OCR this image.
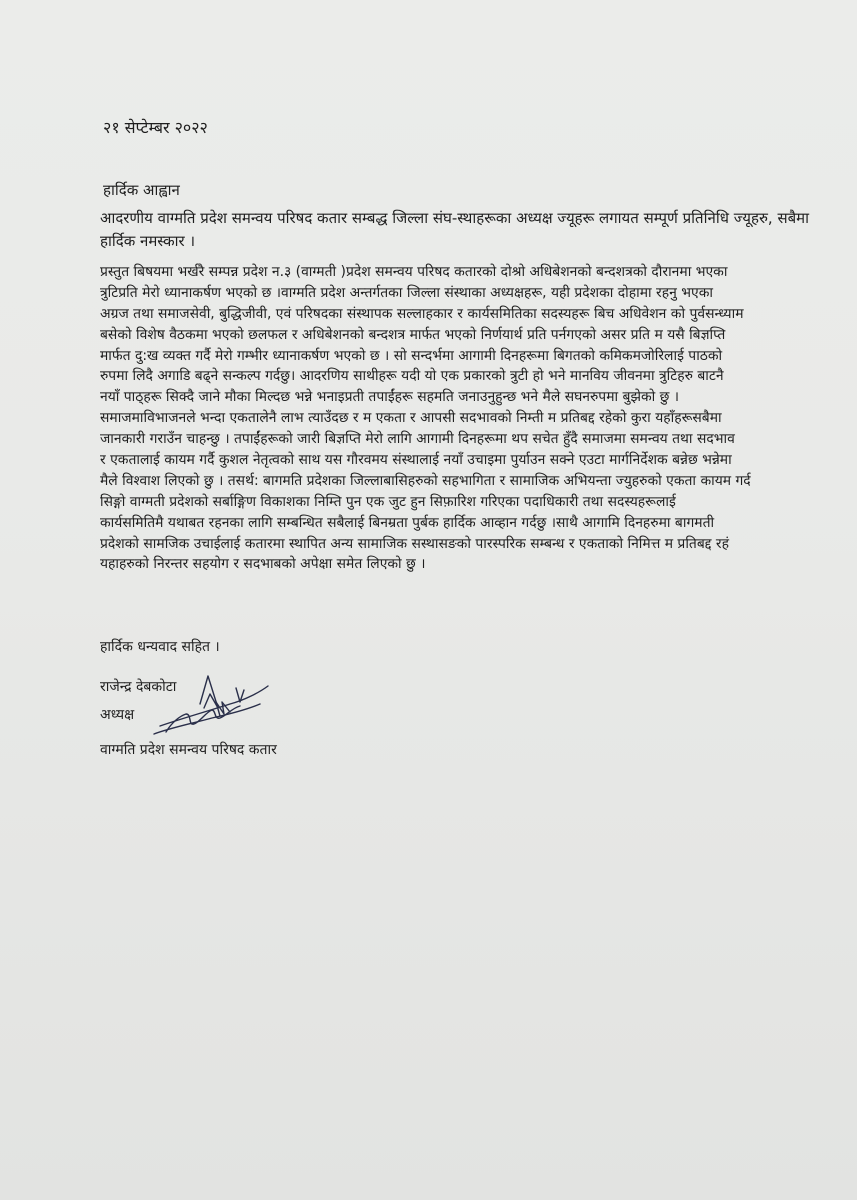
२१ सेप्टेम्बर २०२२
हार्दिक आह्वान
आदरणीय वाग्मति प्रदेश समन्वय परिषद कतार सम्बद्ध जिल्ला संघ-स्थाहरूका अध्यक्ष ज्यूहरू लगायत सम्पूर्ण प्रतिनिधि ज्यूहरु, सबैमा हार्दिक नमस्कार ।
प्रस्तुत बिषयमा भर्खरै सम्पन्न प्रदेश न.३ (वाग्मती )प्रदेश समन्वय परिषद कतारको दोश्रो अधिबेशनको बन्दशत्रको दौरानमा भएका
त्रुटिप्रति मेरो ध्यानाकर्षण भएको छ ।वाग्मति प्रदेश अन्तर्गतका जिल्ला संस्थाका अध्यक्षहरू, यही प्रदेशका दोहामा रहनु भएका
अग्रज तथा समाजसेवी, बुद्धिजीवी, एवं परिषदका संस्थापक सल्लाहकार र कार्यसमितिका सदस्यहरू बिच अधिवेशन को पुर्वसन्ध्याम
बसेको विशेष वैठकमा भएको छलफल र अधिबेशनको बन्दशत्र मार्फत भएको निर्णयार्थ प्रति पर्नगएको असर प्रति म यसै बिज्ञप्ति
मार्फत दु:ख व्यक्त गर्दै मेरो गम्भीर ध्यानाकर्षण भएको छ । सो सन्दर्भमा आगामी दिनहरूमा बिगतको कमिकमजोरिलाई पाठको
रुपमा लिदै अगाडि बढ्ने सन्कल्प गर्दछु। आदरणिय साथीहरू यदी यो एक प्रकारको त्रुटी हो भने मानविय जीवनमा त्रुटिहरु बाटनै
नयाँ पाठ्हरू सिक्दै जाने मौका मिल्दछ भन्ने भनाइप्रती तपाईंहरू सहमति जनाउनुहुन्छ भने मैले सघनरुपमा बुझेको छु ।
समाजमाविभाजनले भन्दा एकतालेनै लाभ त्याउँदछ र म एकता र आपसी सदभावको निम्ती म प्रतिबद्द रहेको कुरा यहाँहरूसबैमा
जानकारी गराउँन चाहन्छु । तपाईंहरूको जारी बिज्ञप्ति मेरो लागि आगामी दिनहरूमा थप सचेत हुँदै समाजमा समन्वय तथा सदभाव
र एकतालाई कायम गर्दै कुशल नेतृत्वको साथ यस गौरवमय संस्थालाई नयाँ उचाइमा पुर्याउन सक्ने एउटा मार्गनिर्देशक बन्नेछ भन्नेमा
मैले विश्वाश लिएको छु । तसर्थ: बागमति प्रदेशका जिल्लाबासिहरुको सहभागिता र सामाजिक अभियन्ता ज्युहरुको एकता कायम गर्द
सिङ्गो वाग्मती प्रदेशको सर्बाङ्गिण विकाशका निम्ति पुन एक जुट हुन सिफ़ारिश गरिएका पदाधिकारी तथा सदस्यहरूलाई
कार्यसमितिमै यथाबत रहनका लागि सम्बन्धित सबैलाई बिनम्रता पुर्बक हार्दिक आव्हान गर्दछु ।साथै आगामि दिनहरुमा बागमती
प्रदेशको सामजिक उचाईलाई कतारमा स्थापित अन्य सामाजिक सस्थासङको पारस्परिक सम्बन्ध र एकताको निमित्त म प्रतिबद्द रहं
यहाहरुको निरन्तर सहयोग र सदभाबको अपेक्षा समेत लिएको छु ।
हार्दिक धन्यवाद सहित ।
राजेन्द्र देबकोटा
अध्यक्ष
वाग्मति प्रदेश समन्वय परिषद कतार
